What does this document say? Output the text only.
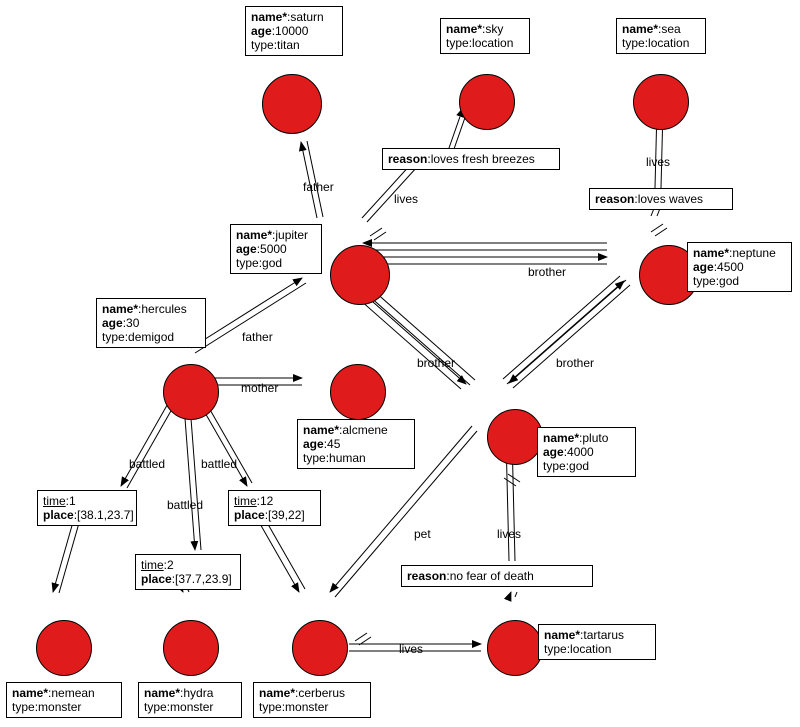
name*:saturn
age:10000
type:titan
name*:sky
type:location
name*:sea
type:location
reason:loves fresh breezes
reason:loves waves
name*:jupiter
age:5000
type:god
name*:neptune
age:4500
type:god
name*:hercules
age:30
type:demigod
name*:alcmene
age:45
type:human
name*:pluto
age:4000
type:god
time:1
place:[38.1,23.7]
time:2
place:[37.7,23.9]
time:12
place:[39,22]
reason:no fear of death
name*:tartarus
type:location
name*:nemean
type:monster
name*:hydra
type:monster
name*:cerberus
type:monster
father
lives
lives
brother
father
mother
brother	brother
battled
battled
battled
pet	lives
lives
